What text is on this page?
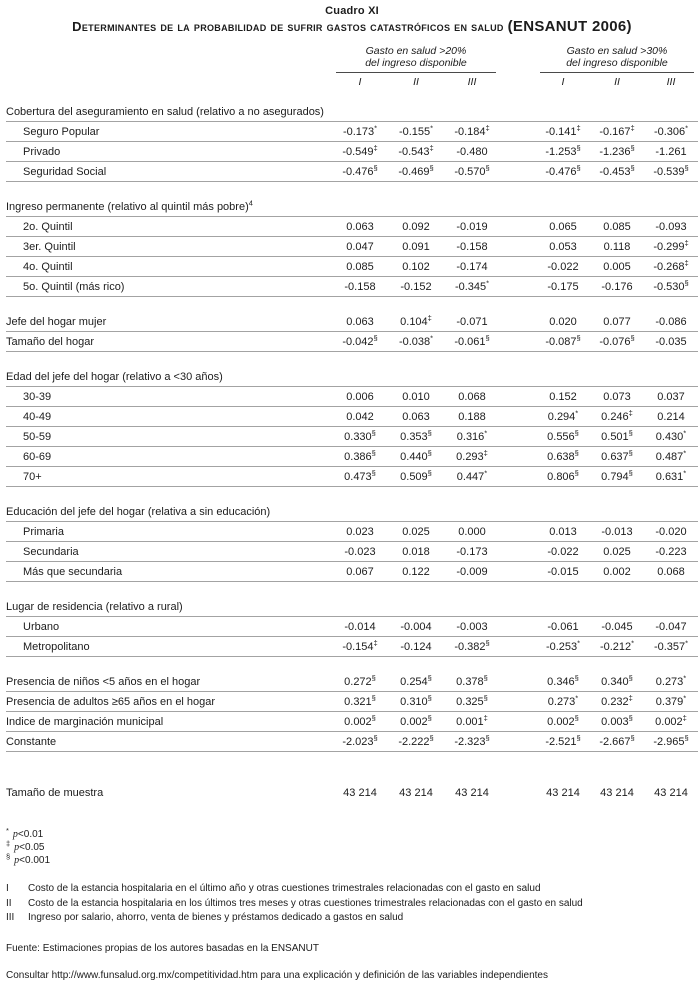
Cuadro XI
Determinantes de la probabilidad de sufrir gastos catastróficos en salud (ENSANUT 2006)
Gasto en salud >20%
del ingreso disponible
Gasto en salud >30%
del ingreso disponible
I	II	III	I	II	III
Cobertura del aseguramiento en salud (relativo a no asegurados)
Seguro Popular	-0.173*	-0.155*	-0.184‡	-0.141‡	-0.167‡	-0.306*
Privado	-0.549‡	-0.543‡	-0.480	-1.253§	-1.236§	-1.261
Seguridad Social	-0.476§	-0.469§	-0.570§	-0.476§	-0.453§	-0.539§
Ingreso permanente (relativo al quintil más pobre)$^4$
2o. Quintil	0.063	0.092	-0.019	0.065	0.085	-0.093
3er. Quintil	0.047	0.091	-0.158	0.053	0.118	-0.299‡
4o. Quintil	0.085	0.102	-0.174	-0.022	0.005	-0.268‡
5o. Quintil (más rico)	-0.158	-0.152	-0.345*	-0.175	-0.176	-0.530§
Jefe del hogar mujer	0.063	0.104‡	-0.071	0.020	0.077	-0.086
Tamaño del hogar	-0.042§	-0.038*	-0.061§	-0.087§	-0.076§	-0.035
Edad del jefe del hogar (relativo a <30 años)
30-39	0.006	0.010	0.068	0.152	0.073	0.037
40-49	0.042	0.063	0.188	0.294*	0.246‡	0.214
50-59	0.330§	0.353§	0.316*	0.556§	0.501§	0.430*
60-69	0.386§	0.440§	0.293‡	0.638§	0.637§	0.487*
70+	0.473§	0.509§	0.447*	0.806§	0.794§	0.631*
Educación del jefe del hogar (relativa a sin educación)
Primaria	0.023	0.025	0.000	0.013	-0.013	-0.020
Secundaria	-0.023	0.018	-0.173	-0.022	0.025	-0.223
Más que secundaria	0.067	0.122	-0.009	-0.015	0.002	0.068
Lugar de residencia (relativo a rural)
Urbano	-0.014	-0.004	-0.003	-0.061	-0.045	-0.047
Metropolitano	-0.154‡	-0.124	-0.382§	-0.253*	-0.212*	-0.357*
Presencia de niños <5 años en el hogar	0.272§	0.254§	0.378§	0.346§	0.340§	0.273*
Presencia de adultos ≥65 años en el hogar	0.321§	0.310§	0.325§	0.273*	0.232‡	0.379*
Indice de marginación municipal	0.002§	0.002§	0.001‡	0.002§	0.003§	0.002‡
Constante	-2.023§	-2.222§	-2.323§	-2.521§	-2.667§	-2.965§
Tamaño de muestra	43 214	43 214	43 214	43 214	43 214	43 214
* p<0.01
‡ p<0.05
§ p<0.001
I	Costo de la estancia hospitalaria en el último año y otras cuestiones trimestrales relacionadas con el gasto en salud
II	Costo de la estancia hospitalaria en los últimos tres meses y otras cuestiones trimestrales relacionadas con el gasto en salud
III	Ingreso por salario, ahorro, venta de bienes y préstamos dedicado a gastos en salud
Fuente: Estimaciones propias de los autores basadas en la ENSANUT
Consultar http://www.funsalud.org.mx/competitividad.htm para una explicación y definición de las variables independientes
